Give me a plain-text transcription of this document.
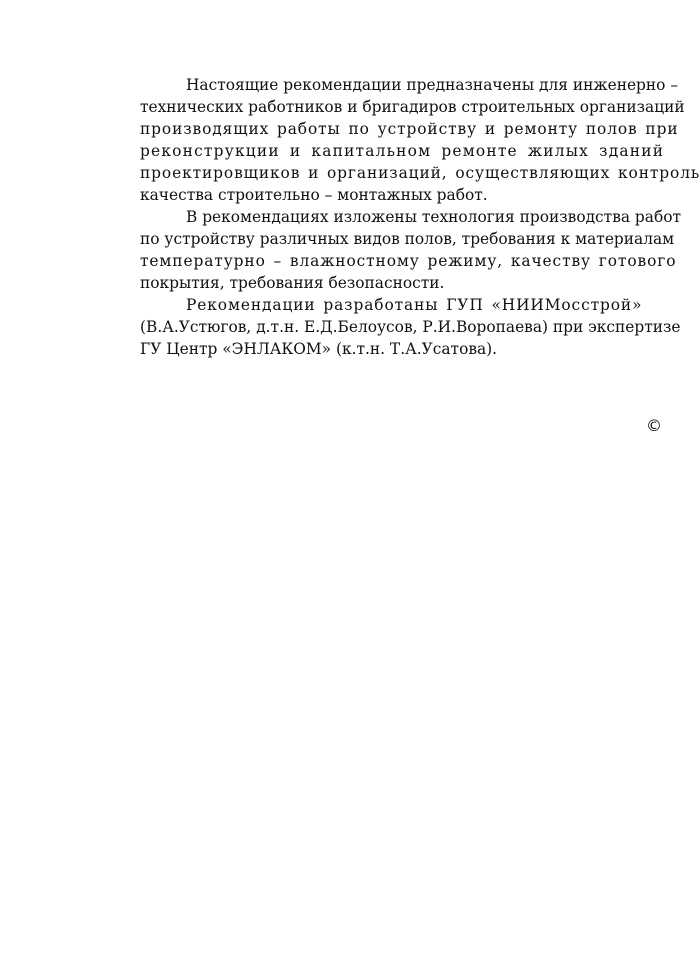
Настоящие рекомендации предназначены для инженерно –

технических работников и бригадиров строительных организаций

производящих работы по устройству и ремонту полов при

реконструкции и капитальном ремонте жилых зданий

проектировщиков и организаций, осуществляющих контроль

качества строительно – монтажных работ.

В рекомендациях изложены технология производства работ

по устройству различных видов полов, требования к материалам

температурно – влажностному режиму, качеству готового

покрытия, требования безопасности.

Рекомендации разработаны ГУП «НИИМосстрой»

(В.А.Устюгов, д.т.н. Е.Д.Белоусов, Р.И.Воропаева) при экспертизе

ГУ Центр «ЭНЛАКОМ» (к.т.н. Т.А.Усатова).

©
